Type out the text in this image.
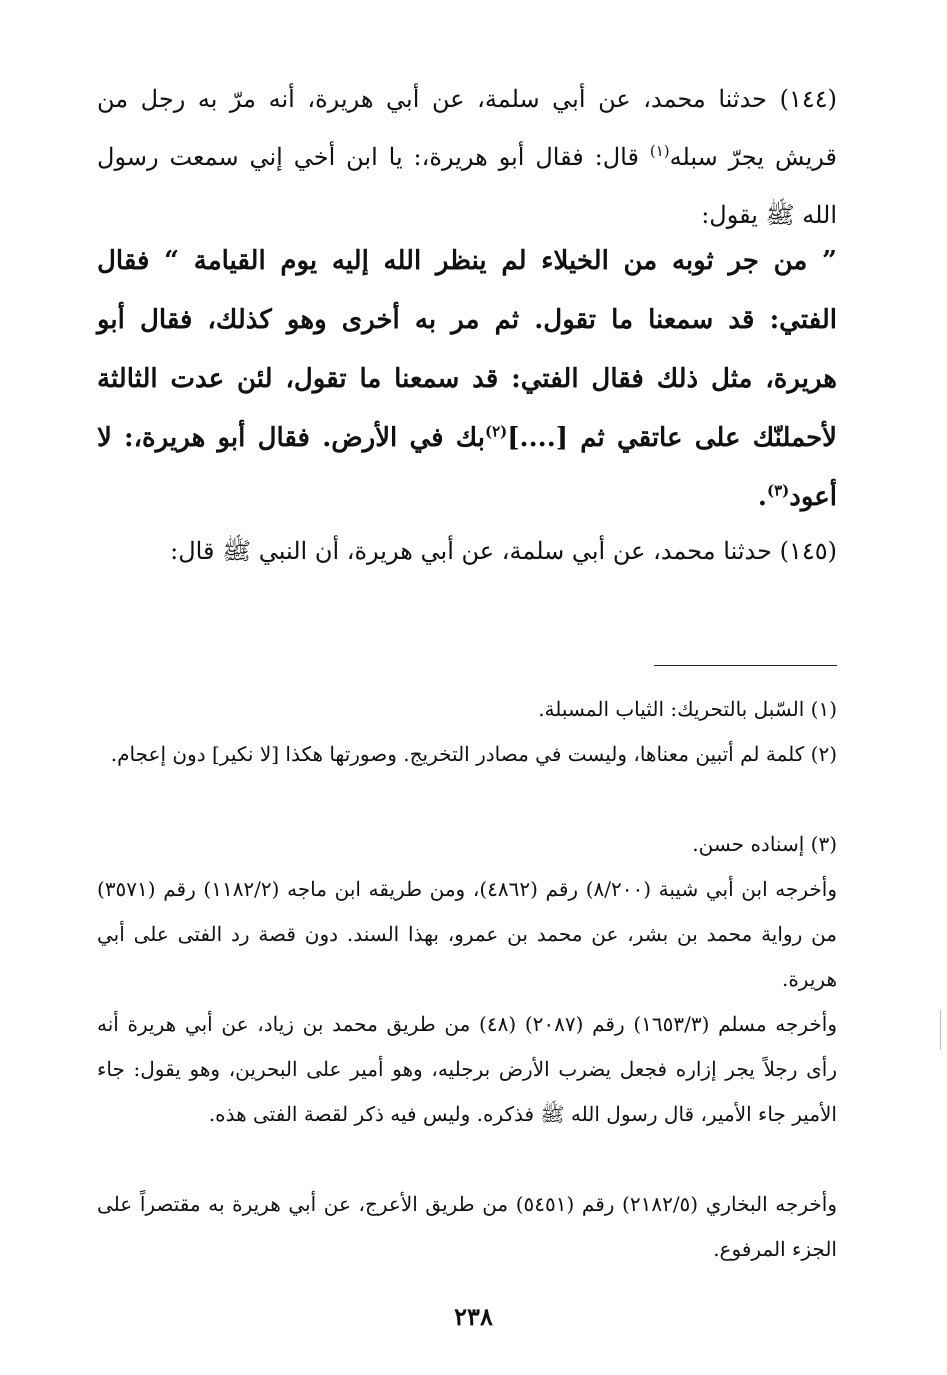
(١٤٤) حدثنا محمد، عن أبي سلمة، عن أبي هريرة، أنه مرّ به رجل من قريش يجرّ سبله$^{(١)}$ قال: فقال أبو هريرة،: يا ابن أخي إني سمعت رسول الله ﷺ يقول:
” من جر ثوبه من الخيلاء لم ينظر الله إليه يوم القيامة “ فقال الفتي: قد سمعنا ما تقول. ثم مر به أخرى وهو كذلك، فقال أبو هريرة، مثل ذلك فقال الفتي: قد سمعنا ما تقول، لئن عدت الثالثة لأحملنّك على عاتقي ثم [....]$^{(٢)}$بك في الأرض. فقال أبو هريرة،: لا أعود$^{(٣)}$.
(١٤٥) حدثنا محمد، عن أبي سلمة، عن أبي هريرة، أن النبي ﷺ قال:
(١) السّبل بالتحريك: الثياب المسبلة.
(٢) كلمة لم أتبين معناها، وليست في مصادر التخريج. وصورتها هكذا [لا نكير] دون إعجام.
(٣) إسناده حسن.
وأخرجه ابن أبي شيبة (٨/٢٠٠) رقم (٤٨٦٢)، ومن طريقه ابن ماجه (١١٨٢/٢) رقم (٣٥٧١) من رواية محمد بن بشر، عن محمد بن عمرو، بهذا السند. دون قصة رد الفتى على أبي هريرة.
وأخرجه مسلم (١٦٥٣/٣) رقم (٢٠٨٧) (٤٨) من طريق محمد بن زياد، عن أبي هريرة أنه رأى رجلاً يجر إزاره فجعل يضرب الأرض برجليه، وهو أمير على البحرين، وهو يقول: جاء الأمير جاء الأمير، قال رسول الله ﷺ فذكره. وليس فيه ذكر لقصة الفتى هذه.
وأخرجه البخاري (٢١٨٢/٥) رقم (٥٤٥١) من طريق الأعرج، عن أبي هريرة به مقتصراً على الجزء المرفوع.
٢٣٨
